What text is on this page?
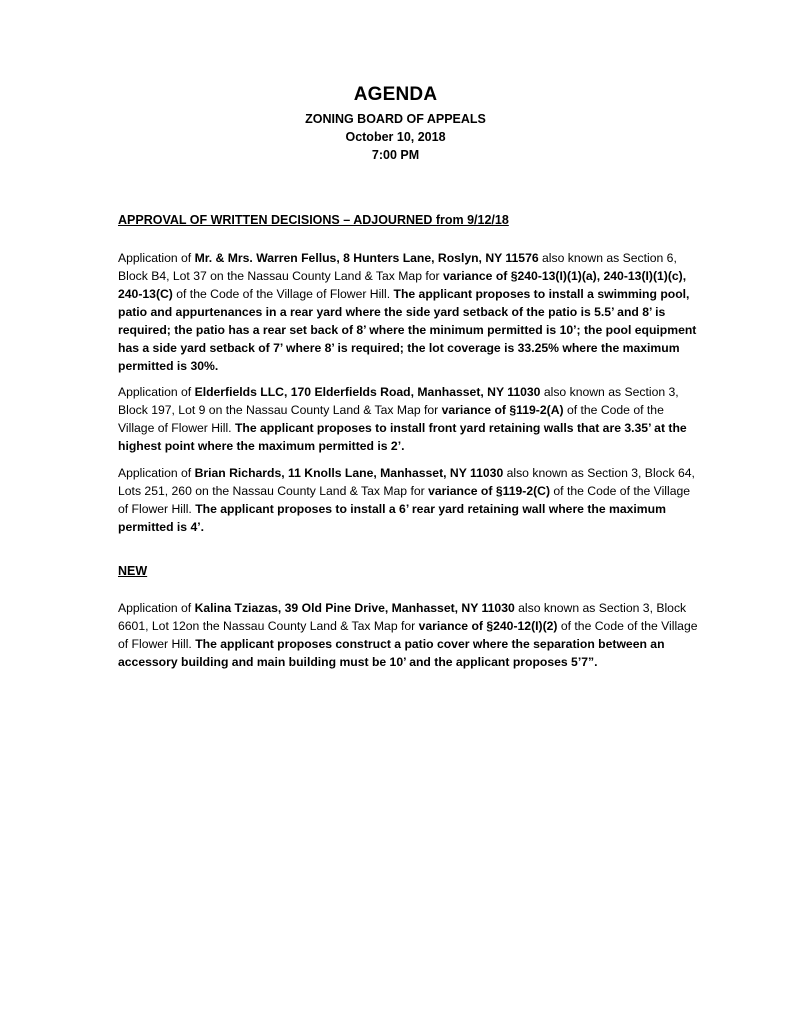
AGENDA
ZONING BOARD OF APPEALS
October 10, 2018
7:00 PM
APPROVAL OF WRITTEN DECISIONS – ADJOURNED from 9/12/18
Application of Mr. & Mrs. Warren Fellus, 8 Hunters Lane, Roslyn, NY 11576 also known as Section 6, Block B4, Lot 37 on the Nassau County Land & Tax Map for variance of §240-13(I)(1)(a), 240-13(I)(1)(c), 240-13(C) of the Code of the Village of Flower Hill. The applicant proposes to install a swimming pool, patio and appurtenances in a rear yard where the side yard setback of the patio is 5.5’ and 8’ is required; the patio has a rear set back of 8’ where the minimum permitted is 10’; the pool equipment has a side yard setback of 7’ where 8’ is required; the lot coverage is 33.25% where the maximum permitted is 30%.
Application of Elderfields LLC, 170 Elderfields Road, Manhasset, NY 11030 also known as Section 3, Block 197, Lot 9 on the Nassau County Land & Tax Map for variance of §119-2(A) of the Code of the Village of Flower Hill. The applicant proposes to install front yard retaining walls that are 3.35’ at the highest point where the maximum permitted is 2’.
Application of Brian Richards, 11 Knolls Lane, Manhasset, NY 11030 also known as Section 3, Block 64, Lots 251, 260 on the Nassau County Land & Tax Map for variance of §119-2(C) of the Code of the Village of Flower Hill. The applicant proposes to install a 6’ rear yard retaining wall where the maximum permitted is 4’.
NEW
Application of Kalina Tziazas, 39 Old Pine Drive, Manhasset, NY 11030 also known as Section 3, Block 6601, Lot 12on the Nassau County Land & Tax Map for variance of §240-12(I)(2) of the Code of the Village of Flower Hill. The applicant proposes construct a patio cover where the separation between an accessory building and main building must be 10’ and the applicant proposes 5’7”.
